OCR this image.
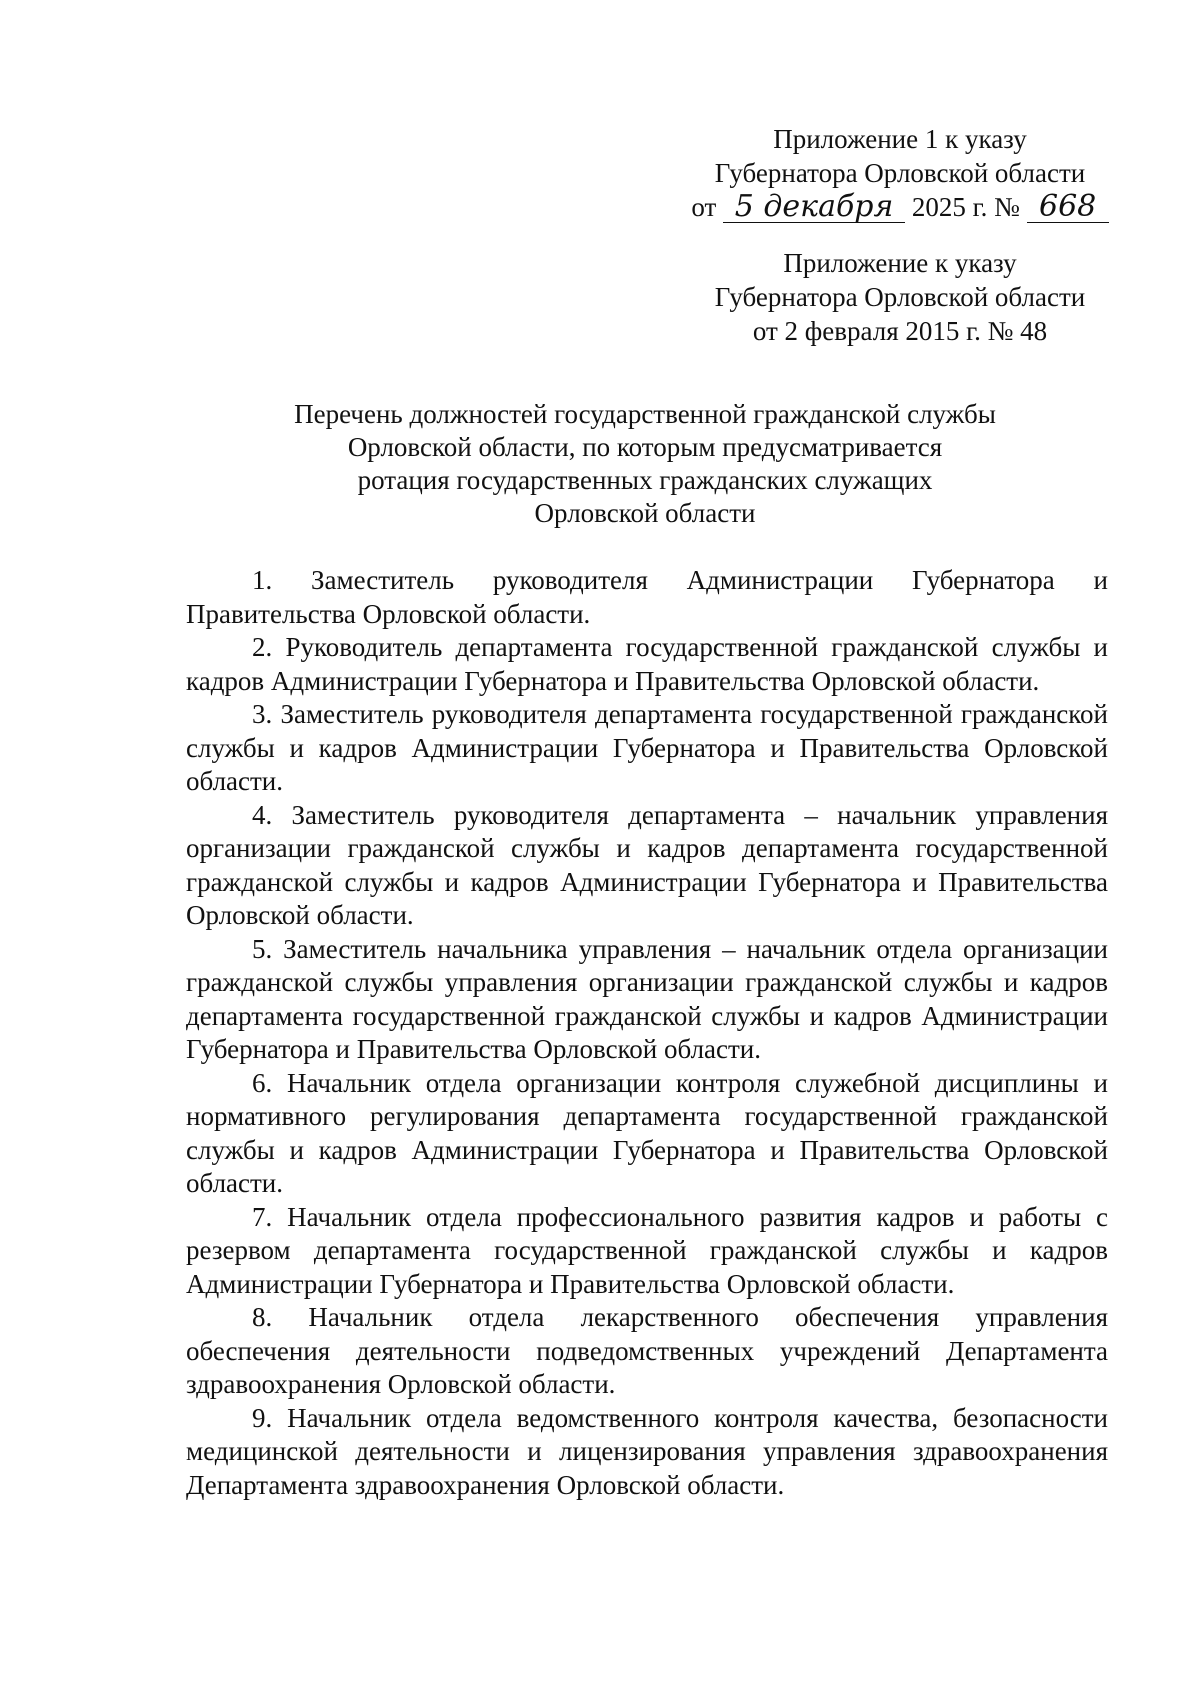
Приложение 1 к указу
Губернатора Орловской области
от 5 декабря 2025 г. № 668
Приложение к указу
Губернатора Орловской области
от 2 февраля 2015 г. № 48
Перечень должностей государственной гражданской службы
Орловской области, по которым предусматривается
ротация государственных гражданских служащих
Орловской области

1. Заместитель руководителя Администрации Губернатора и Правительства Орловской области.

2. Руководитель департамента государственной гражданской службы и кадров Администрации Губернатора и Правительства Орловской области.

3. Заместитель руководителя департамента государственной гражданской службы и кадров Администрации Губернатора и Правительства Орловской области.

4. Заместитель руководителя департамента – начальник управления организации гражданской службы и кадров департамента государственной гражданской службы и кадров Администрации Губернатора и Правительства Орловской области.

5. Заместитель начальника управления – начальник отдела организации гражданской службы управления организации гражданской службы и кадров департамента государственной гражданской службы и кадров Администрации Губернатора и Правительства Орловской области.

6. Начальник отдела организации контроля служебной дисциплины и нормативного регулирования департамента государственной гражданской службы и кадров Администрации Губернатора и Правительства Орловской области.

7. Начальник отдела профессионального развития кадров и работы с резервом департамента государственной гражданской службы и кадров Администрации Губернатора и Правительства Орловской области.

8. Начальник отдела лекарственного обеспечения управления обеспечения деятельности подведомственных учреждений Департамента здравоохранения Орловской области.

9. Начальник отдела ведомственного контроля качества, безопасности медицинской деятельности и лицензирования управления здравоохранения Департамента здравоохранения Орловской области.
